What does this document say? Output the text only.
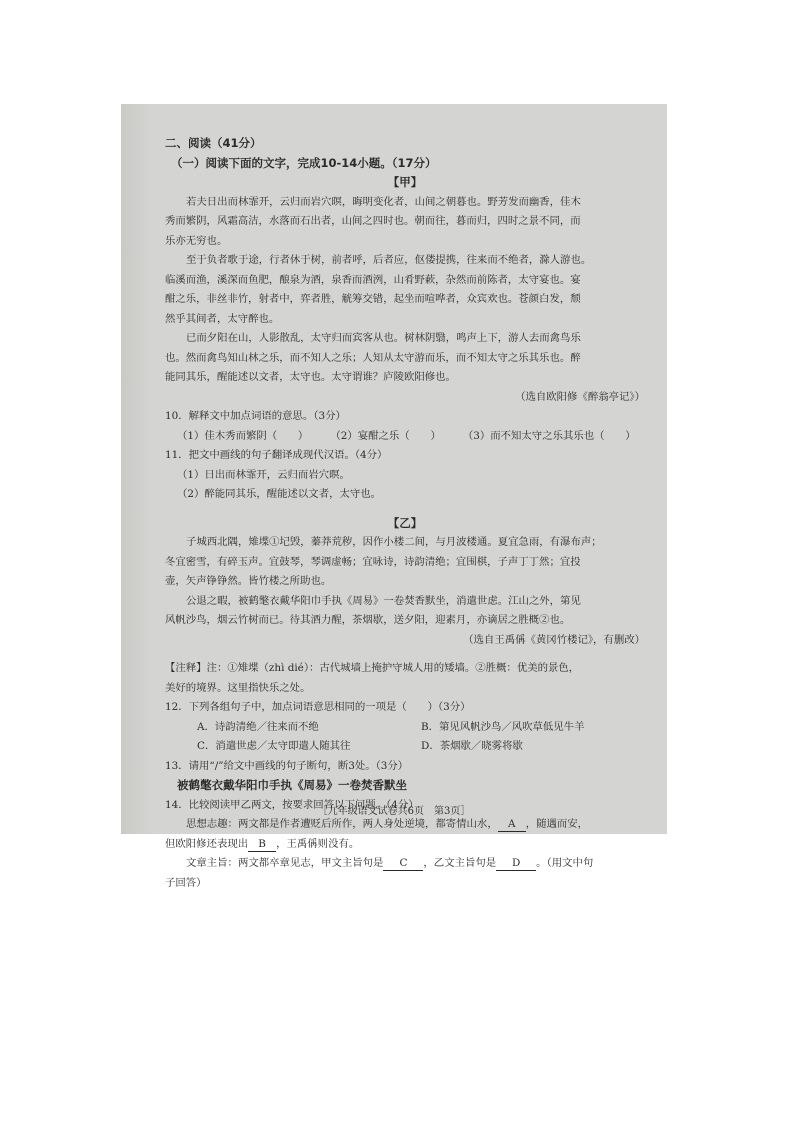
二、阅读（41分）
（一）阅读下面的文字，完成10-14小题。（17分）
【甲】
若夫日出而林霏开，云归而岩穴暝，晦明变化者，山间之朝暮也。野芳发而幽香，佳木
秀而繁阴，风霜高洁，水落而石出者，山间之四时也。朝而往，暮而归，四时之景不同，而
乐亦无穷也。
至于负者歌于途，行者休于树，前者呼，后者应，伛偻提携，往来而不绝者，滁人游也。
临溪而渔，溪深而鱼肥，酿泉为酒，泉香而酒洌，山肴野蔌，杂然而前陈者，太守宴也。宴
酣之乐，非丝非竹，射者中，弈者胜，觥筹交错，起坐而喧哗者，众宾欢也。苍颜白发，颓
然乎其间者，太守醉也。
已而夕阳在山，人影散乱，太守归而宾客从也。树林阴翳，鸣声上下，游人去而禽鸟乐
也。然而禽鸟知山林之乐，而不知人之乐；人知从太守游而乐，而不知太守之乐其乐也。醉
能同其乐，醒能述以文者，太守也。太守谓谁？庐陵欧阳修也。
（选自欧阳修《醉翁亭记》）
10．解释文中加点词语的意思。（3分）
（1）佳木秀而繁阴（　　） （2）宴酣之乐（　　） （3）而不知太守之乐其乐也（　　）
11．把文中画线的句子翻译成现代汉语。（4分）
（1）日出而林霏开，云归而岩穴暝。
（2）醉能同其乐，醒能述以文者，太守也。
【乙】
子城西北隅，雉堞①圮毁，蓁莽荒秽，因作小楼二间，与月波楼通。夏宜急雨，有瀑布声；
冬宜密雪，有碎玉声。宜鼓琴，琴调虚畅；宜咏诗，诗韵清绝；宜围棋，子声丁丁然；宜投
壶，矢声铮铮然。皆竹楼之所助也。
公退之暇，被鹤氅衣戴华阳巾手执《周易》一卷焚香默坐，消遣世虑。江山之外，第见
风帆沙鸟，烟云竹树而已。待其酒力醒，茶烟歇，送夕阳，迎素月，亦谪居之胜概②也。
（选自王禹偁《黄冈竹楼记》，有删改）
【注释】注：①雉堞（zhì dié）：古代城墙上掩护守城人用的矮墙。②胜概：优美的景色，
美好的境界。这里指快乐之处。
12．下列各组句子中，加点词语意思相同的一项是（　　）（3分）
A．诗韵清绝／往来而不绝	B．第见风帆沙鸟／风吹草低见牛羊
C．消遣世虑／太守即遣人随其往	D．茶烟歇／晓雾将歇
13．请用“/”给文中画线的句子断句，断3处。（3分）
被鹤氅衣戴华阳巾手执《周易》一卷焚香默坐
14．比较阅读甲乙两文，按要求回答以下问题。（4分）
思想志趣：两文都是作者遭贬后所作，两人身处逆境，都寄情山水， A ，随遇而安，
但欧阳修还表现出 B ，王禹偁则没有。
文章主旨：两文都卒章见志，甲文主旨句是 C ，乙文主旨句是 D 。（用文中句
子回答）
［九年级语文试卷共6页　第3页］
